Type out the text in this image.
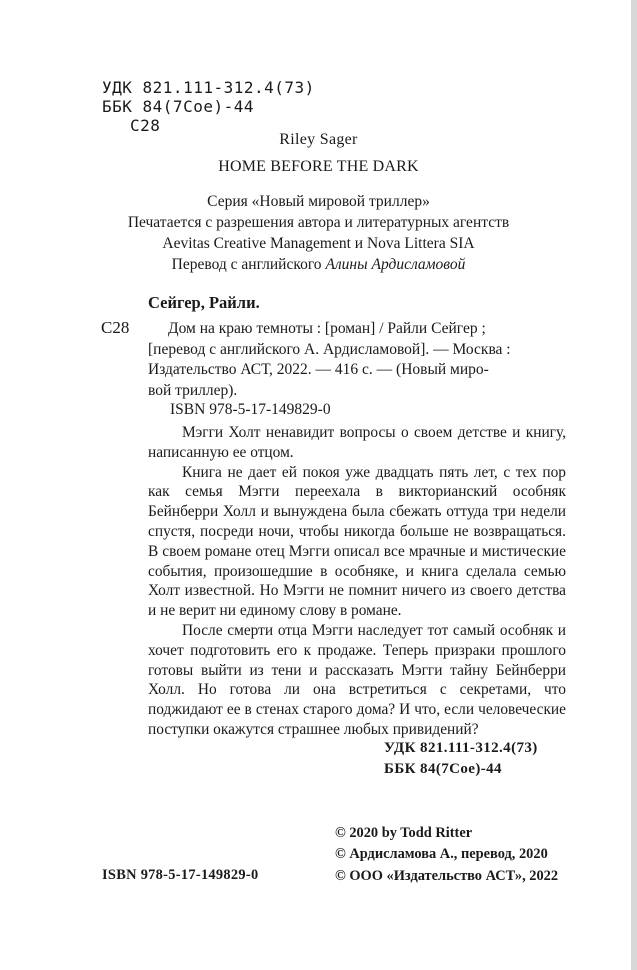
УДК 821.111-312.4(73)
ББК 84(7Сое)-44
С28
Riley Sager
HOME BEFORE THE DARK
Серия «Новый мировой триллер»
Печатается с разрешения автора и литературных агентств
Aevitas Creative Management и Nova Littera SIA
Перевод с английского Алины Ардисламовой
Сейгер, Райли.
С28	Дом на краю темноты : [роман] / Райли Сейгер ;
[перевод с английского А. Ардисламовой]. — Москва :
Издательство АСТ, 2022. — 416 с. — (Новый миро-
вой триллер).
ISBN 978-5-17-149829-0

Мэгги Холт ненавидит вопросы о своем детстве и книгу, написанную ее отцом.

Книга не дает ей покоя уже двадцать пять лет, с тех пор как семья Мэгги переехала в викторианский особняк Бейнберри Холл и вынуждена была сбежать оттуда три недели спустя, посреди ночи, чтобы никогда больше не возвращаться. В своем романе отец Мэгги описал все мрачные и мистические события, произошедшие в особняке, и книга сделала семью Холт известной. Но Мэгги не помнит ничего из своего детства и не верит ни единому слову в романе.

После смерти отца Мэгги наследует тот самый особняк и хочет подготовить его к продаже. Теперь призраки прошлого готовы выйти из тени и рассказать Мэгги тайну Бейнберри Холл. Но готова ли она встретиться с секретами, что поджидают ее в стенах старого дома? И что, если человеческие поступки окажутся страшнее любых привидений?

УДК 821.111-312.4(73)
ББК 84(7Сое)-44
© 2020 by Todd Ritter
© Ардисламова А., перевод, 2020
© ООО «Издательство АСТ», 2022
ISBN 978-5-17-149829-0
